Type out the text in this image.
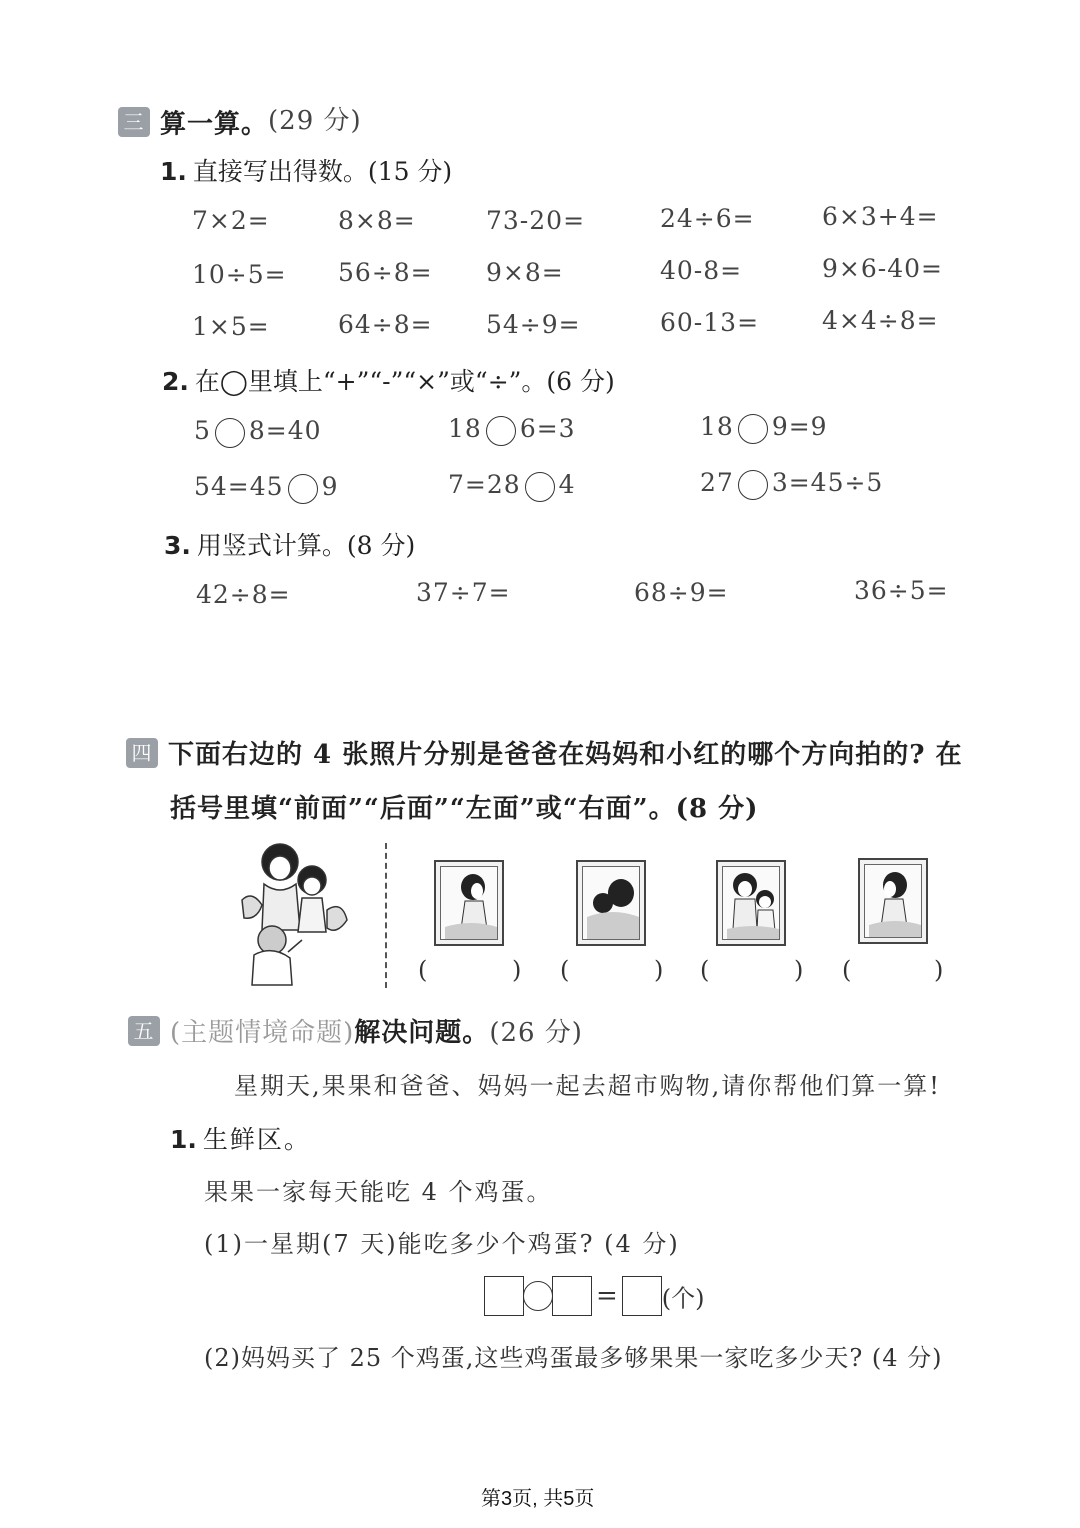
三 算一算。(29 分)
1. 直接写出得数。(15 分)
7×2=	8×8=	73-20=	24÷6=	6×3+4=
10÷5= 56÷8= 9×8=	40-8=	9×6-40=
1×5=	64÷8= 54÷9=	60-13=	4×4÷8=
2. 在◯里填上“+”“-”“×”或“÷”。(6 分)
5 8=40	18 6=3	18 9=9
54=45 9	7=28 4	27 3=45÷5
3. 用竖式计算。(8 分)
42÷8=	37÷7=	68÷9=	36÷5=
四 下面右边的 4 张照片分别是爸爸在妈妈和小红的哪个方向拍的? 在
括号里填“前面”“后面”“左面”或“右面”。(8 分)
(	) (	) (	) (	)
五 (主题情境命题)解决问题。(26 分)
星期天,果果和爸爸、妈妈一起去超市购物,请你帮他们算一算!
1. 生鲜区。
果果一家每天能吃 4 个鸡蛋。
(1)一星期(7 天)能吃多少个鸡蛋? (4 分)
= (个)
(2)妈妈买了 25 个鸡蛋,这些鸡蛋最多够果果一家吃多少天? (4 分)
第3页, 共5页
